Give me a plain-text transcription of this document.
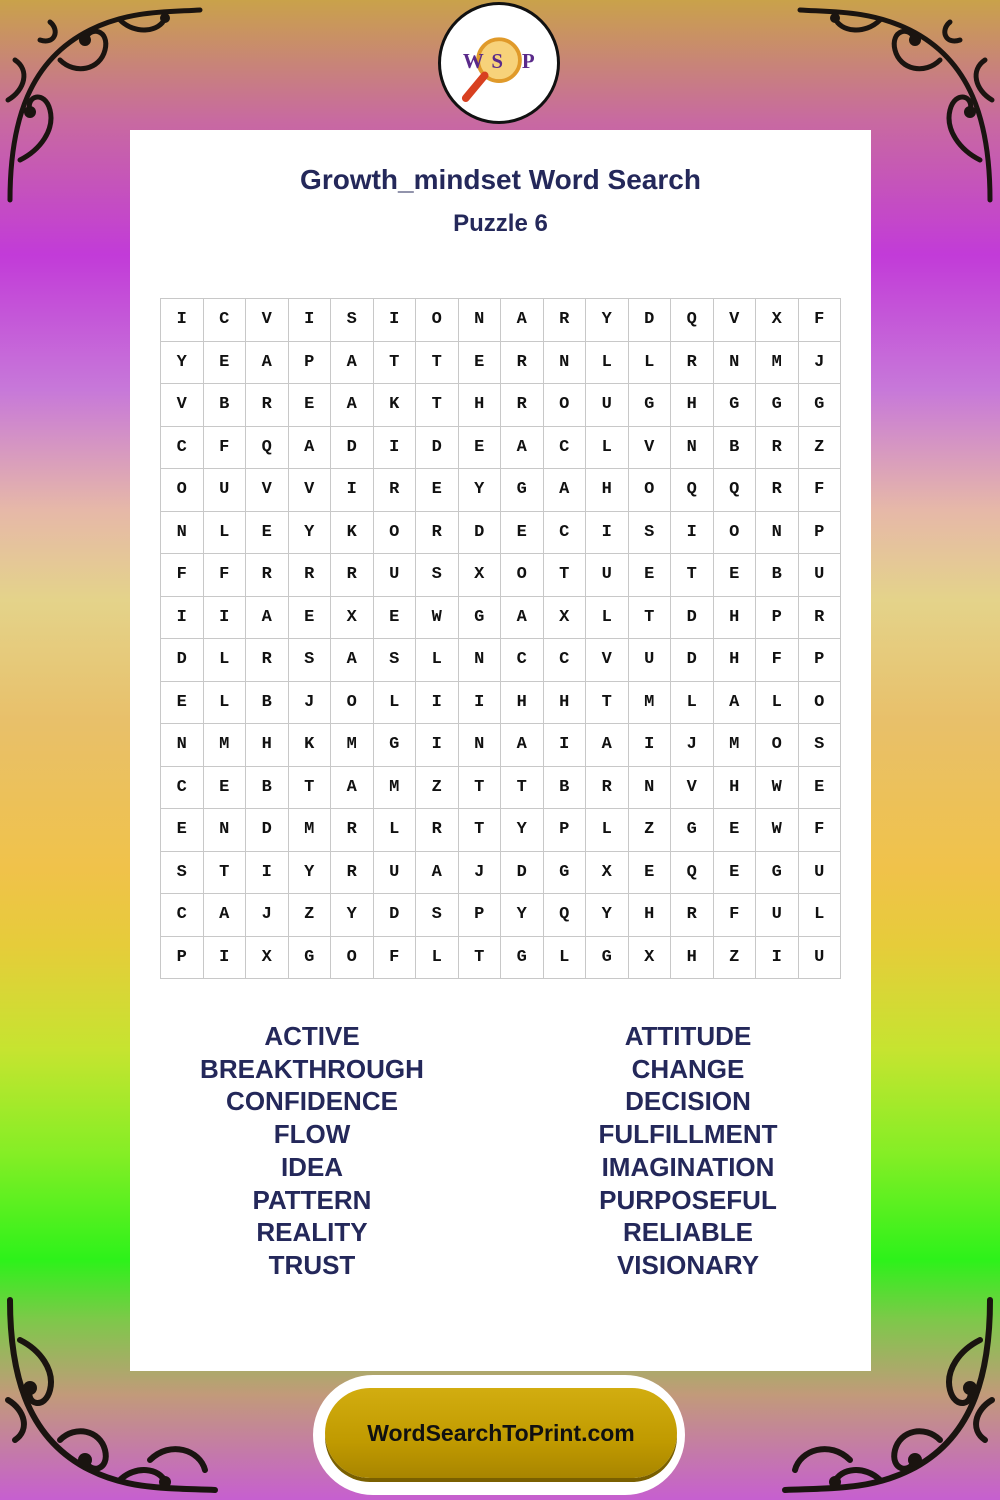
W S P
Growth_mindset Word Search
Puzzle 6
I	C	V	I	S	I	O	N	A	R	Y	D	Q	V	X	F
Y	E	A	P	A	T	T	E	R	N	L	L	R	N	M	J
V	B	R	E	A	K	T	H	R	O	U	G	H	G	G	G
C	F	Q	A	D	I	D	E	A	C	L	V	N	B	R	Z
O	U	V	V	I	R	E	Y	G	A	H	O	Q	Q	R	F
N	L	E	Y	K	O	R	D	E	C	I	S	I	O	N	P
F	F	R	R	R	U	S	X	O	T	U	E	T	E	B	U
I	I	A	E	X	E	W	G	A	X	L	T	D	H	P	R
D	L	R	S	A	S	L	N	C	C	V	U	D	H	F	P
E	L	B	J	O	L	I	I	H	H	T	M	L	A	L	O
N	M	H	K	M	G	I	N	A	I	A	I	J	M	O	S
C	E	B	T	A	M	Z	T	T	B	R	N	V	H	W	E
E	N	D	M	R	L	R	T	Y	P	L	Z	G	E	W	F
S	T	I	Y	R	U	A	J	D	G	X	E	Q	E	G	U
C	A	J	Z	Y	D	S	P	Y	Q	Y	H	R	F	U	L
P	I	X	G	O	F	L	T	G	L	G	X	H	Z	I	U
ACTIVE
BREAKTHROUGH
CONFIDENCE
FLOW
IDEA
PATTERN
REALITY
TRUST
ATTITUDE
CHANGE
DECISION
FULFILLMENT
IMAGINATION
PURPOSEFUL
RELIABLE
VISIONARY
WordSearchToPrint.com
